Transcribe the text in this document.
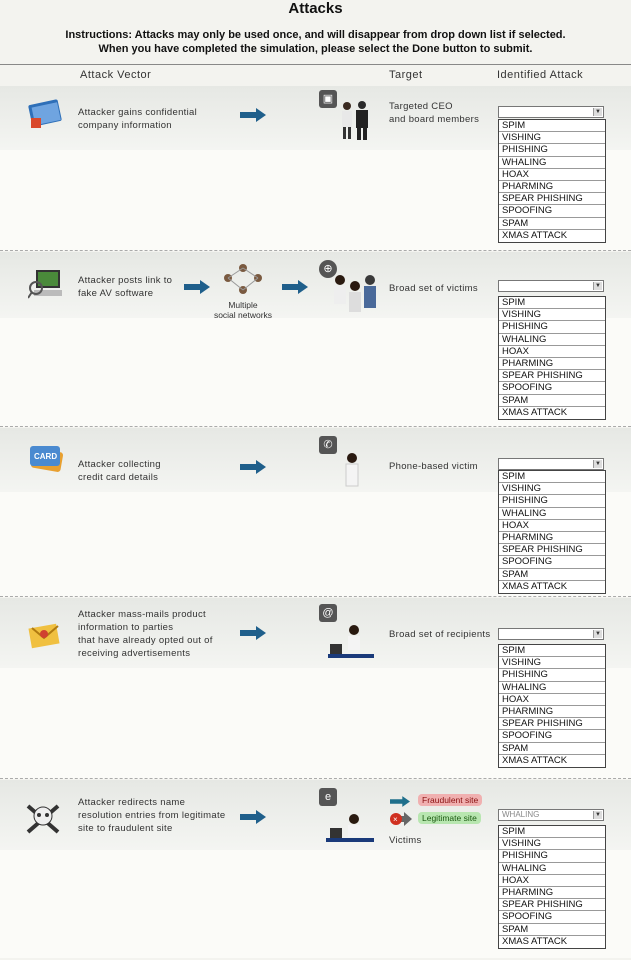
Attacks
Instructions: Attacks may only be used once, and will disappear from drop down list if selected.
When you have completed the simulation, please select the Done button to submit.
Attack Vector	Target	Identified Attack
Attacker gains confidential
company information
▣
Targeted CEO
and board members
▼
SPIM
VISHING
PHISHING
WHALING
HOAX
PHARMING
SPEAR PHISHING
SPOOFING
SPAM
XMAS ATTACK
Attacker posts link to
fake AV software
Multiple
social networks
⊕
Broad set of victims	▼
SPIM
VISHING
PHISHING
WHALING
HOAX
PHARMING
SPEAR PHISHING
SPOOFING
SPAM
XMAS ATTACK
CARD
Attacker collecting
credit card details
✆
Phone-based victim	▼
SPIM
VISHING
PHISHING
WHALING
HOAX
PHARMING
SPEAR PHISHING
SPOOFING
SPAM
XMAS ATTACK
Attacker mass-mails product
information to parties
that have already opted out of
receiving advertisements
@
Broad set of recipients	▼
SPIM
VISHING
PHISHING
WHALING
HOAX
PHARMING
SPEAR PHISHING
SPOOFING
SPAM
XMAS ATTACK
Attacker redirects name
resolution entries from legitimate
site to fraudulent site
e	Fraudulent site
×	Legitimate site
Victims
WHALING	▼
SPIM
VISHING
PHISHING
WHALING
HOAX
PHARMING
SPEAR PHISHING
SPOOFING
SPAM
XMAS ATTACK
